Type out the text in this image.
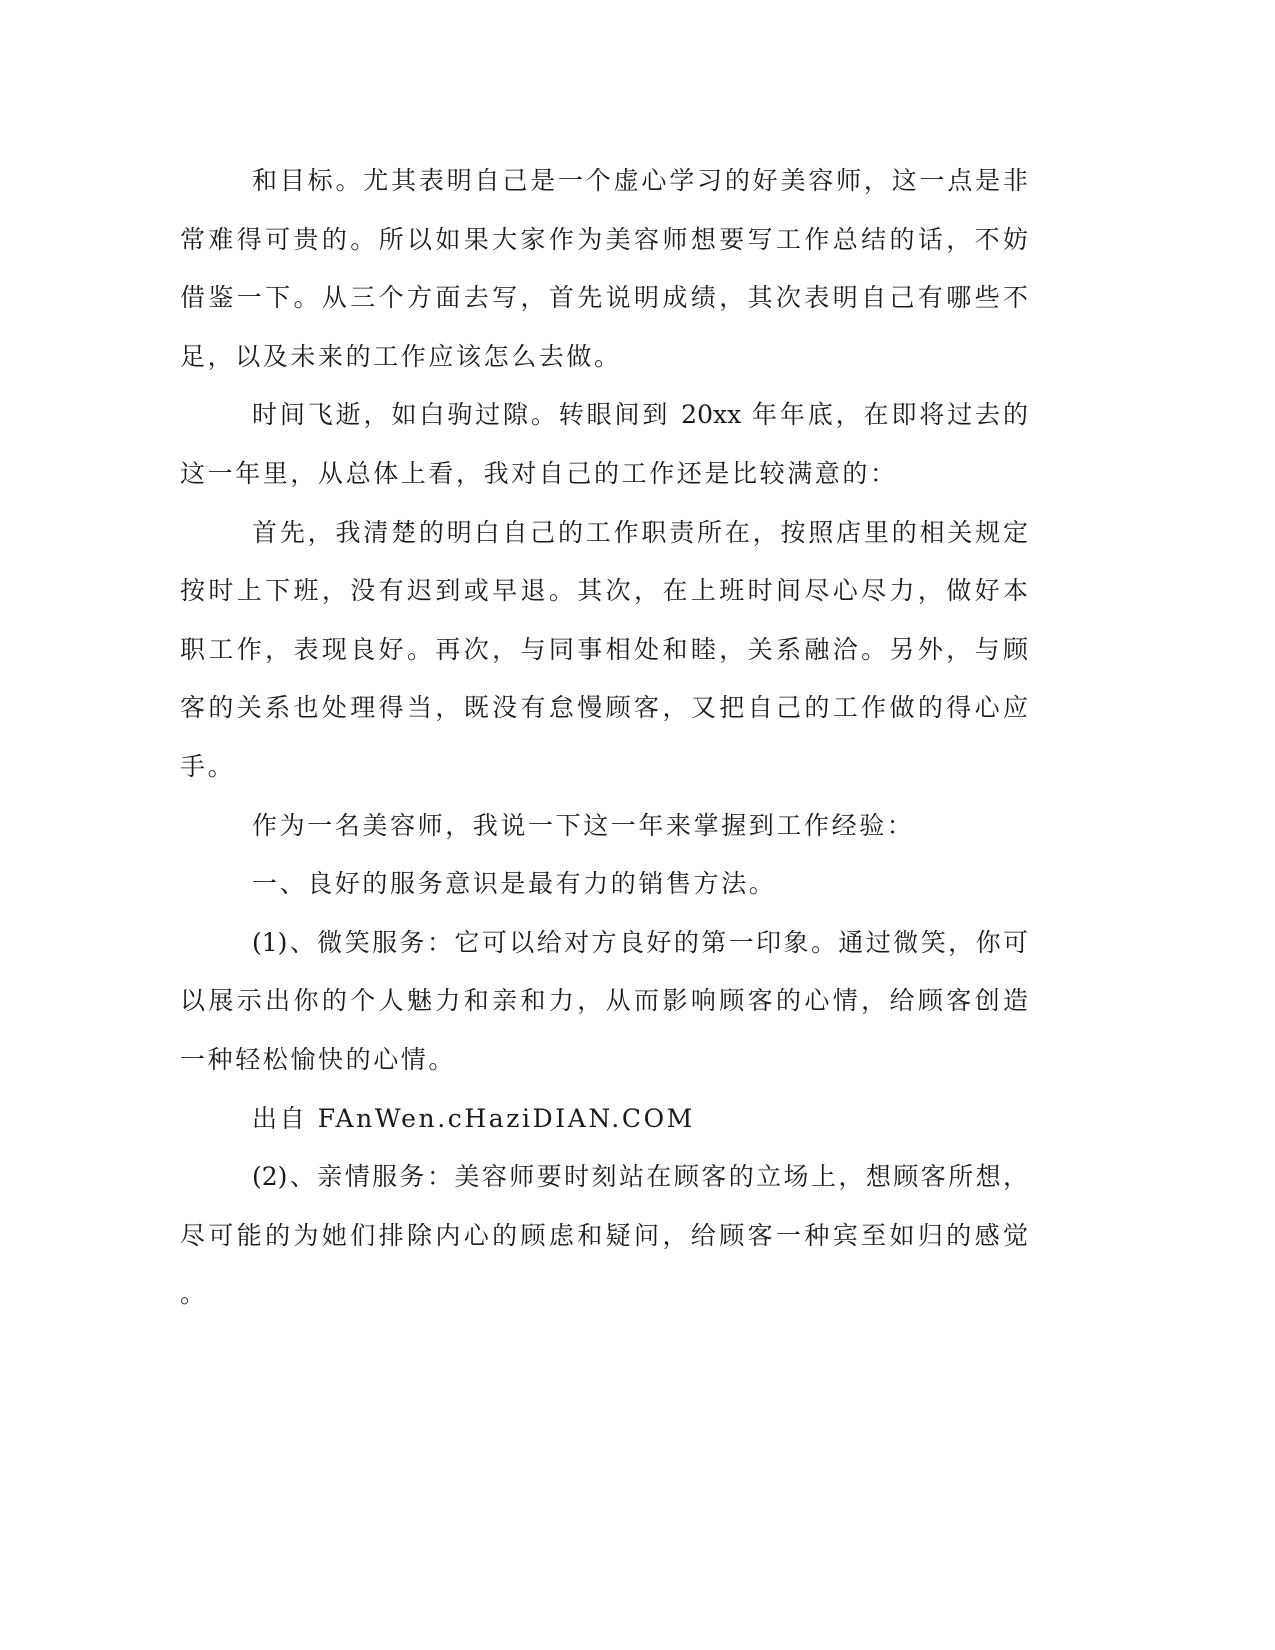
和目标。尤其表明自己是一个虚心学习的好美容师，这一点是非
常难得可贵的。所以如果大家作为美容师想要写工作总结的话，不妨
借鉴一下。从三个方面去写，首先说明成绩，其次表明自己有哪些不
足，以及未来的工作应该怎么去做。
时间飞逝，如白驹过隙。转眼间到 20xx 年年底，在即将过去的
这一年里，从总体上看，我对自己的工作还是比较满意的：
首先，我清楚的明白自己的工作职责所在，按照店里的相关规定
按时上下班，没有迟到或早退。其次，在上班时间尽心尽力，做好本
职工作，表现良好。再次，与同事相处和睦，关系融洽。另外，与顾
客的关系也处理得当，既没有怠慢顾客，又把自己的工作做的得心应
手。
作为一名美容师，我说一下这一年来掌握到工作经验：
一、良好的服务意识是最有力的销售方法。
(1)、微笑服务：它可以给对方良好的第一印象。通过微笑，你可
以展示出你的个人魅力和亲和力，从而影响顾客的心情，给顾客创造
一种轻松愉快的心情。
出自 FAnWen.cHaziDIAN.COM
(2)、亲情服务：美容师要时刻站在顾客的立场上，想顾客所想，
尽可能的为她们排除内心的顾虑和疑问，给顾客一种宾至如归的感觉
。
